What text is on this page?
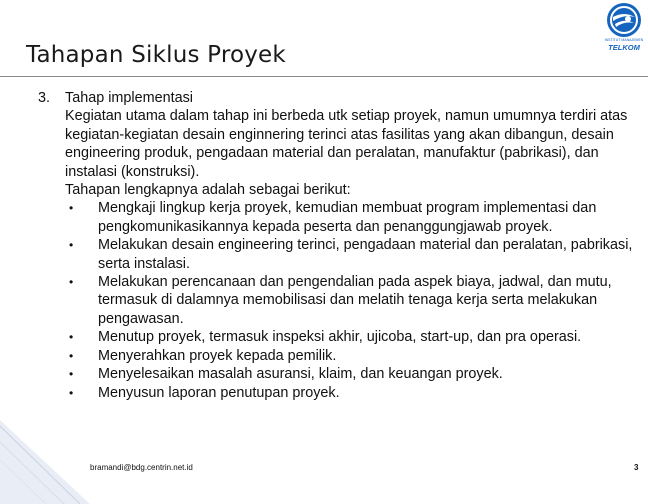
Tahapan Siklus Proyek
INSTITUT MANAJEMEN
TELKOM
3. Tahap implementasi
Kegiatan utama dalam tahap ini berbeda utk setiap proyek, namun umumnya terdiri atas kegiatan-kegiatan desain enginnering terinci atas fasilitas yang akan dibangun, desain engineering produk, pengadaan material dan peralatan, manufaktur (pabrikasi), dan instalasi (konstruksi).
Tahapan lengkapnya adalah sebagai berikut:
• Mengkaji lingkup kerja proyek, kemudian membuat program implementasi dan pengkomunikasikannya kepada peserta dan penanggungjawab proyek.
• Melakukan desain engineering terinci, pengadaan material dan peralatan, pabrikasi, serta instalasi.
• Melakukan perencanaan dan pengendalian pada aspek biaya, jadwal, dan mutu, termasuk di dalamnya memobilisasi dan melatih tenaga kerja serta melakukan pengawasan.
• Menutup proyek, termasuk inspeksi akhir, ujicoba, start-up, dan pra operasi.
• Menyerahkan proyek kepada pemilik.
• Menyelesaikan masalah asuransi, klaim, dan keuangan proyek.
• Menyusun laporan penutupan proyek.
bramandi@bdg.centrin.net.id	3
